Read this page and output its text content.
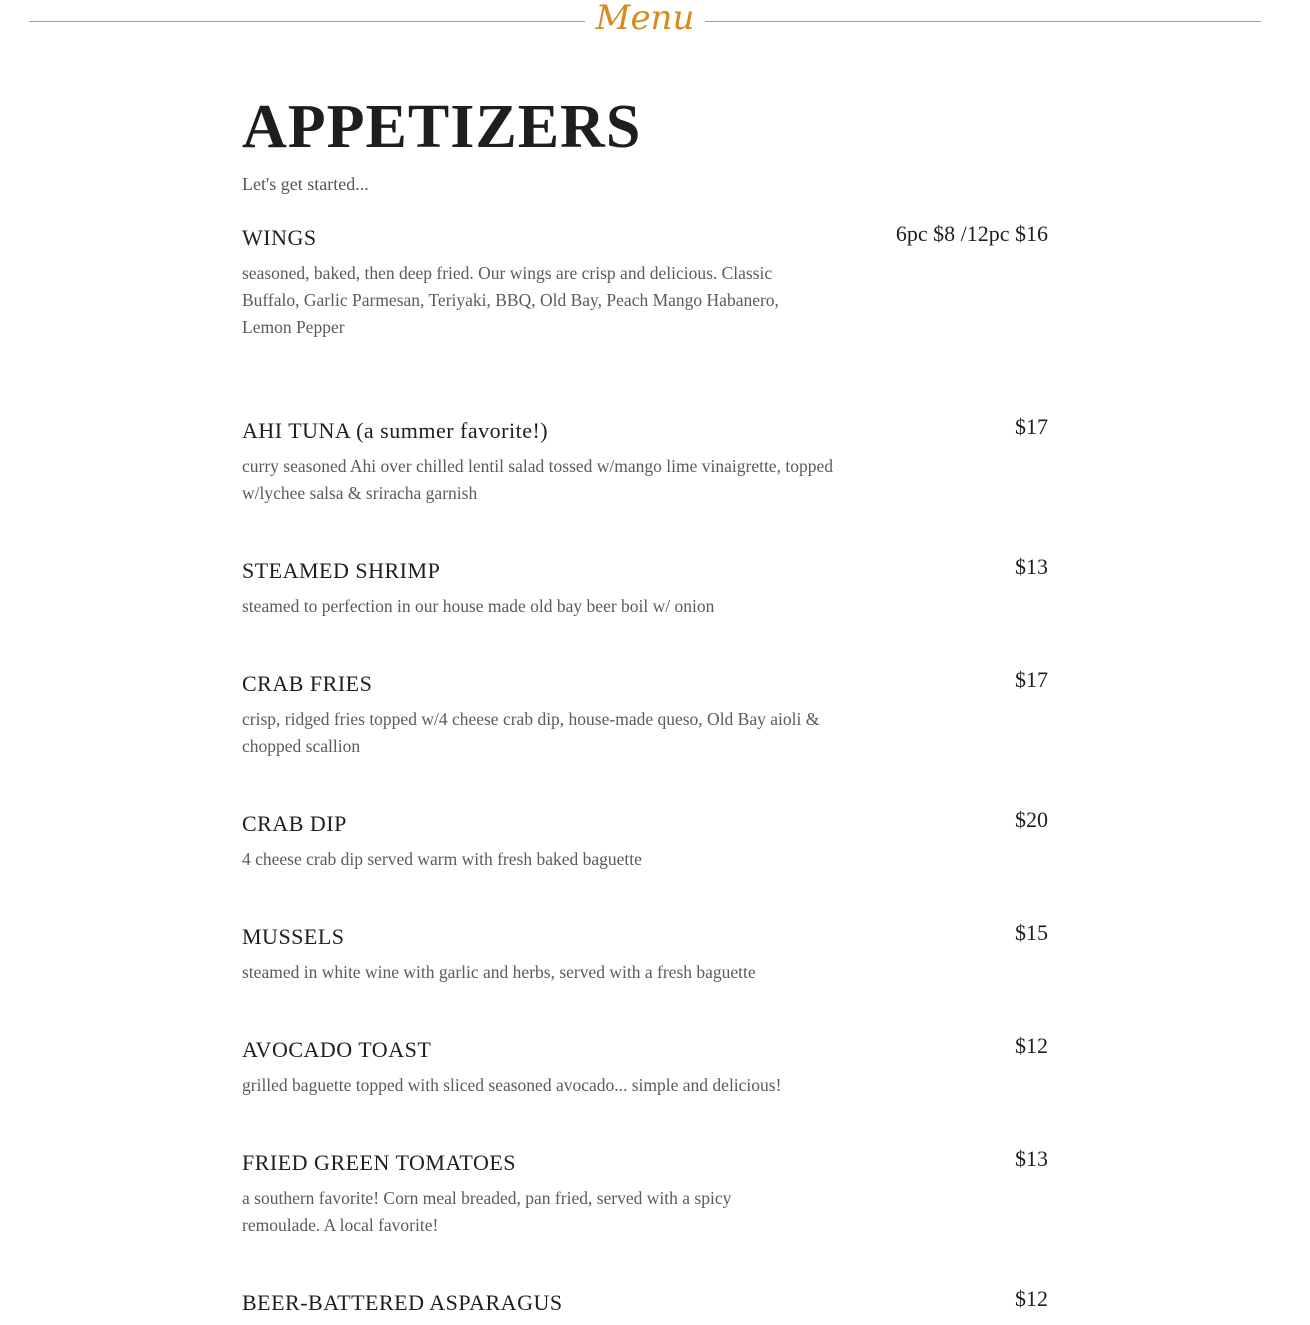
Menu
APPETIZERS
Let's get started...
WINGS	6pc $8 /12pc $16
seasoned, baked, then deep fried. Our wings are crisp and delicious. Classic Buffalo, Garlic Parmesan, Teriyaki, BBQ, Old Bay, Peach Mango Habanero, Lemon Pepper
AHI TUNA (a summer favorite!)	$17
curry seasoned Ahi over chilled lentil salad tossed w/mango lime vinaigrette, topped w/lychee salsa & sriracha garnish
STEAMED SHRIMP	$13
steamed to perfection in our house made old bay beer boil w/ onion
CRAB FRIES	$17
crisp, ridged fries topped w/4 cheese crab dip, house-made queso, Old Bay aioli & chopped scallion
CRAB DIP	$20
4 cheese crab dip served warm with fresh baked baguette
MUSSELS	$15
steamed in white wine with garlic and herbs, served with a fresh baguette
AVOCADO TOAST	$12
grilled baguette topped with sliced seasoned avocado... simple and delicious!
FRIED GREEN TOMATOES	$13
a southern favorite! Corn meal breaded, pan fried, served with a spicy remoulade. A local favorite!
BEER-BATTERED ASPARAGUS	$12
